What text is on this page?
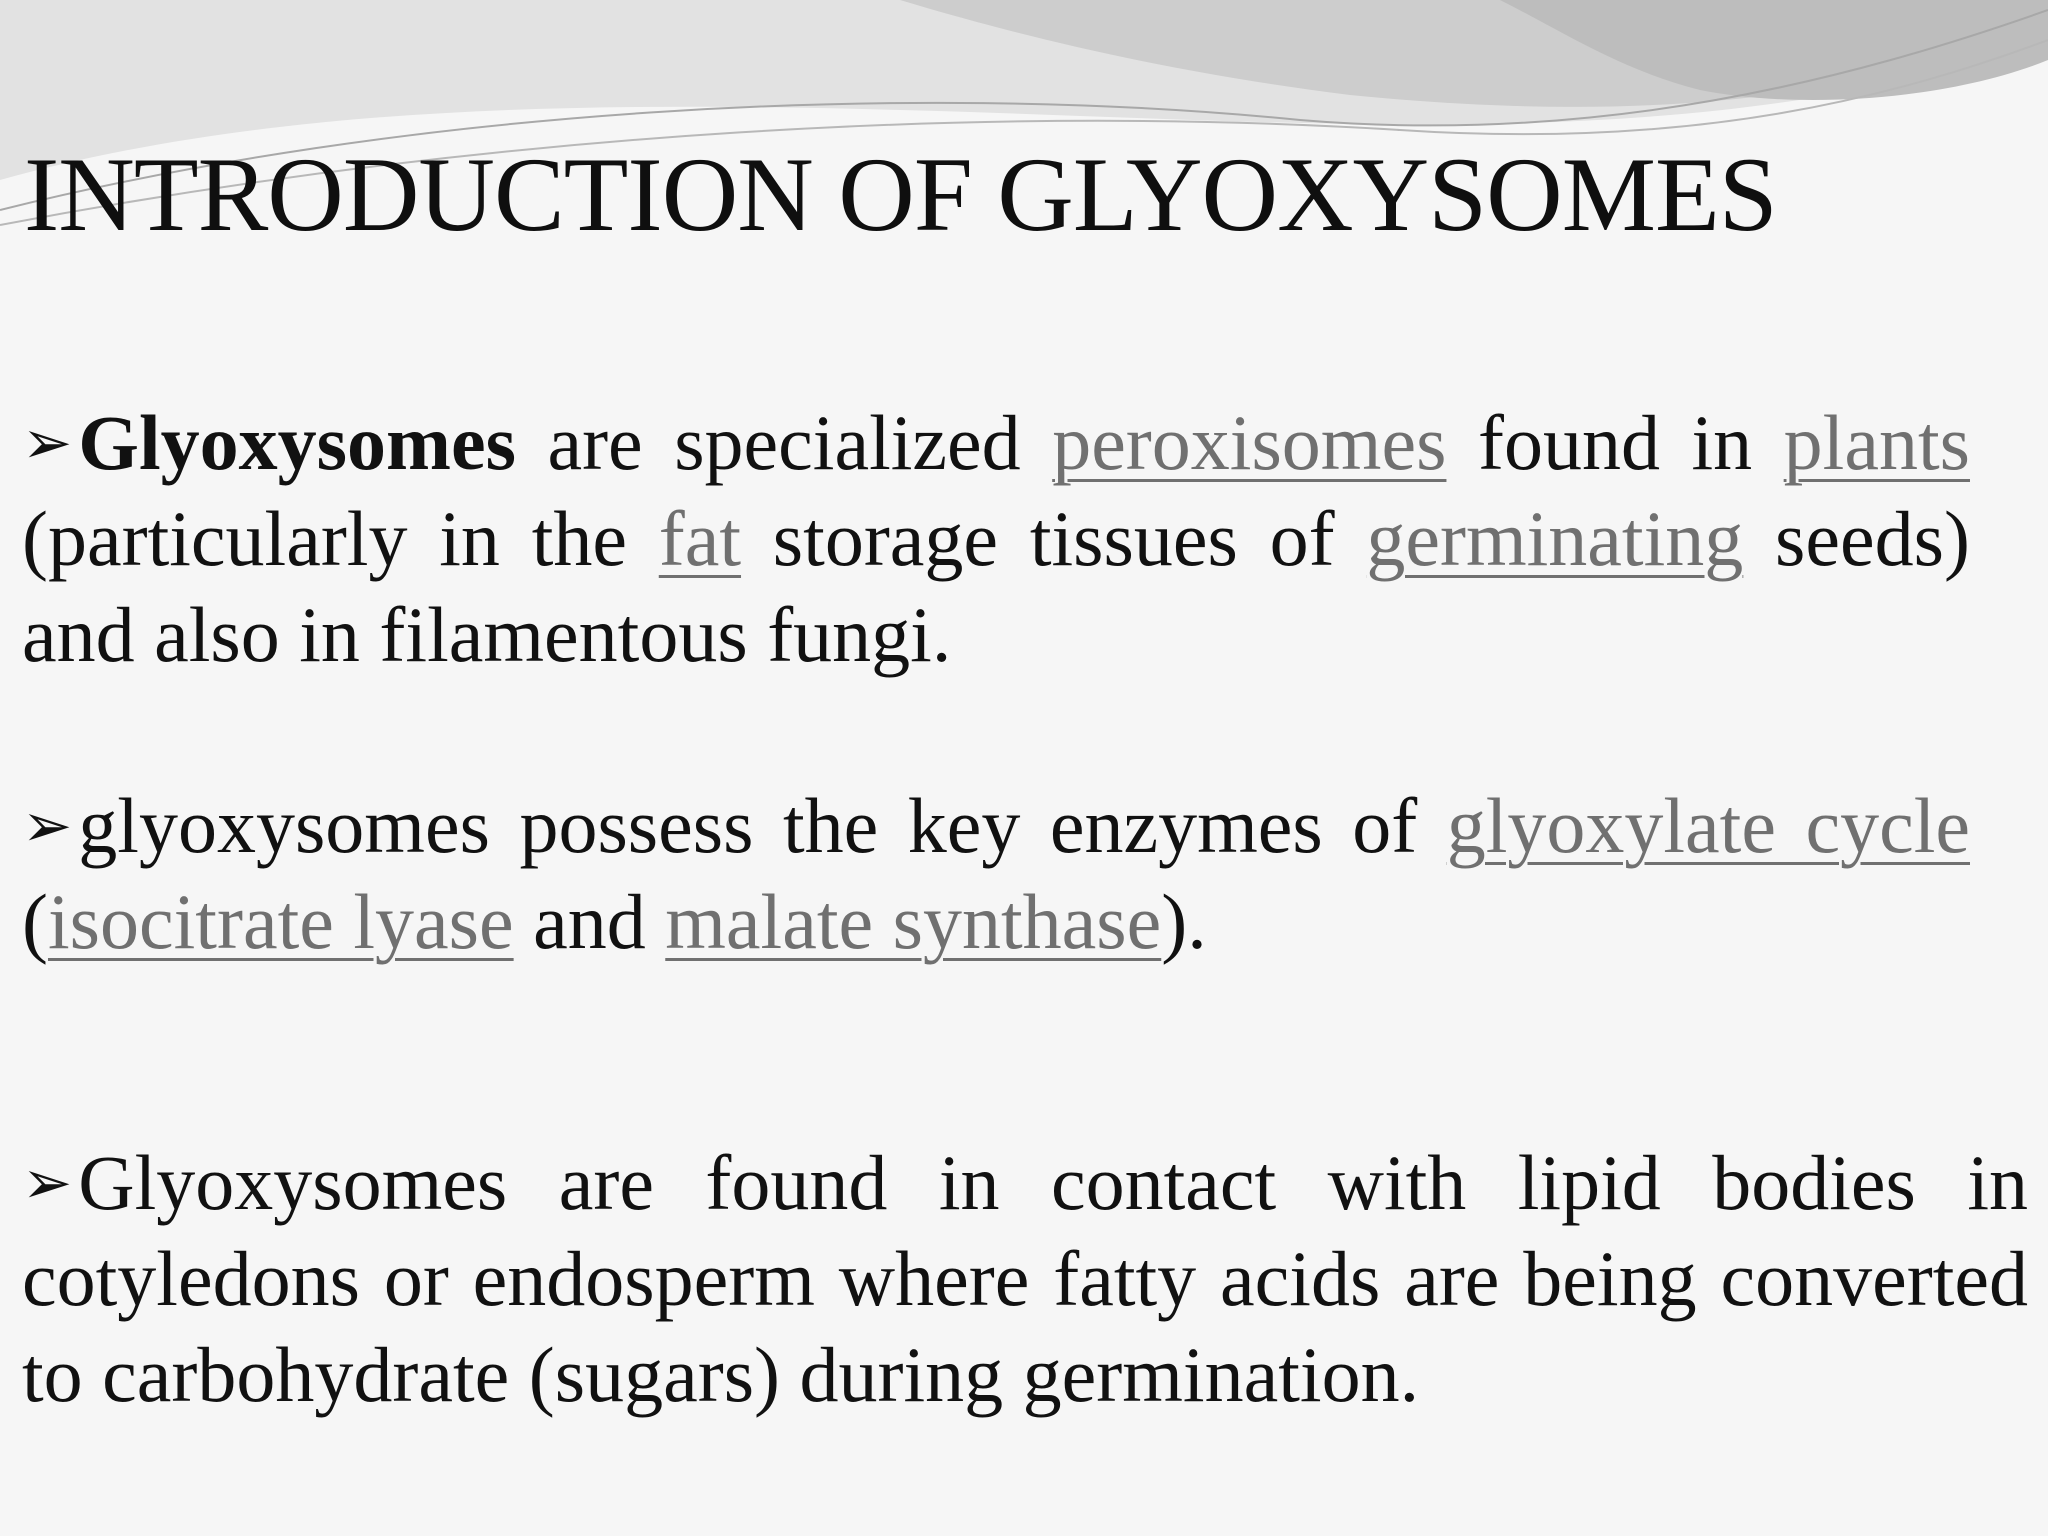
INTRODUCTION OF GLYOXYSOMES

➢Glyoxysomes are specialized peroxisomes found in plants (particularly in the fat storage tissues of germinating seeds) and also in filamentous fungi.

➢glyoxysomes possess the key enzymes of glyoxylate cycle (isocitrate lyase and malate synthase).

➢Glyoxysomes are found in contact with lipid bodies in cotyledons or endosperm where fatty acids are being converted to carbohydrate (sugars) during germination.
